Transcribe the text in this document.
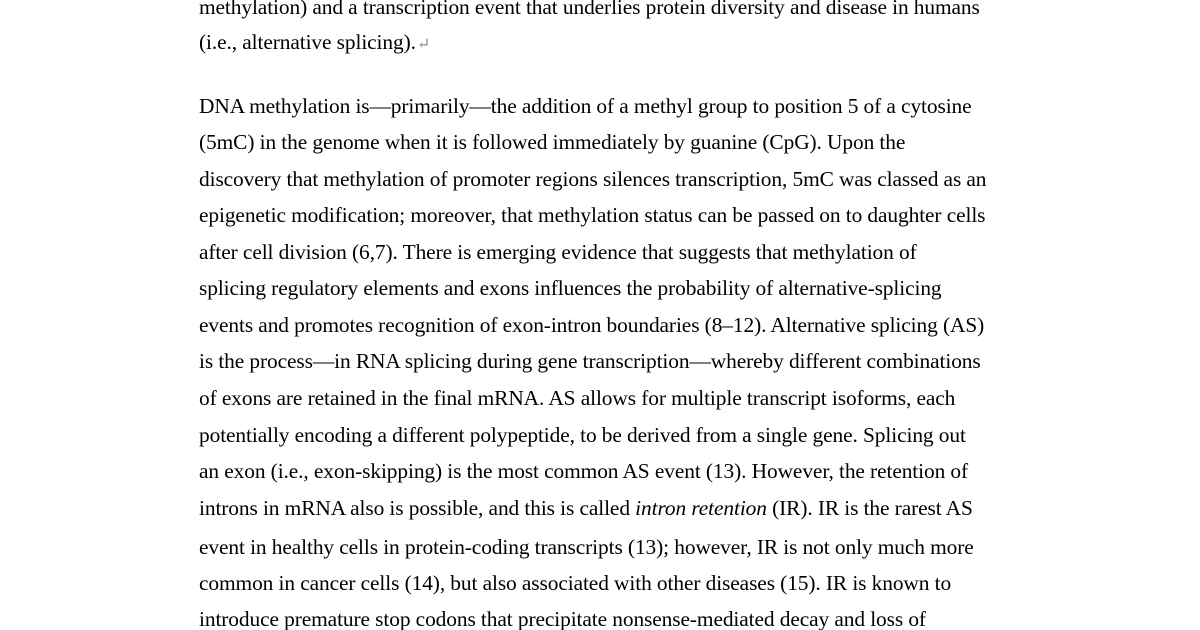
methylation) and a transcription event that underlies protein diversity and disease in humans
(i.e., alternative splicing).↵
DNA methylation is—primarily—the addition of a methyl group to position 5 of a cytosine
(5mC) in the genome when it is followed immediately by guanine (CpG). Upon the
discovery that methylation of promoter regions silences transcription, 5mC was classed as an
epigenetic modification; moreover, that methylation status can be passed on to daughter cells
after cell division (6,7). There is emerging evidence that suggests that methylation of
splicing regulatory elements and exons influences the probability of alternative-splicing
events and promotes recognition of exon-intron boundaries (8–12). Alternative splicing (AS)
is the process—in RNA splicing during gene transcription—whereby different combinations
of exons are retained in the final mRNA. AS allows for multiple transcript isoforms, each
potentially encoding a different polypeptide, to be derived from a single gene. Splicing out
an exon (i.e., exon-skipping) is the most common AS event (13). However, the retention of
introns in mRNA also is possible, and this is called intron retention (IR). IR is the rarest AS
event in healthy cells in protein-coding transcripts (13); however, IR is not only much more
common in cancer cells (14), but also associated with other diseases (15). IR is known to
introduce premature stop codons that precipitate nonsense-mediated decay and loss of
